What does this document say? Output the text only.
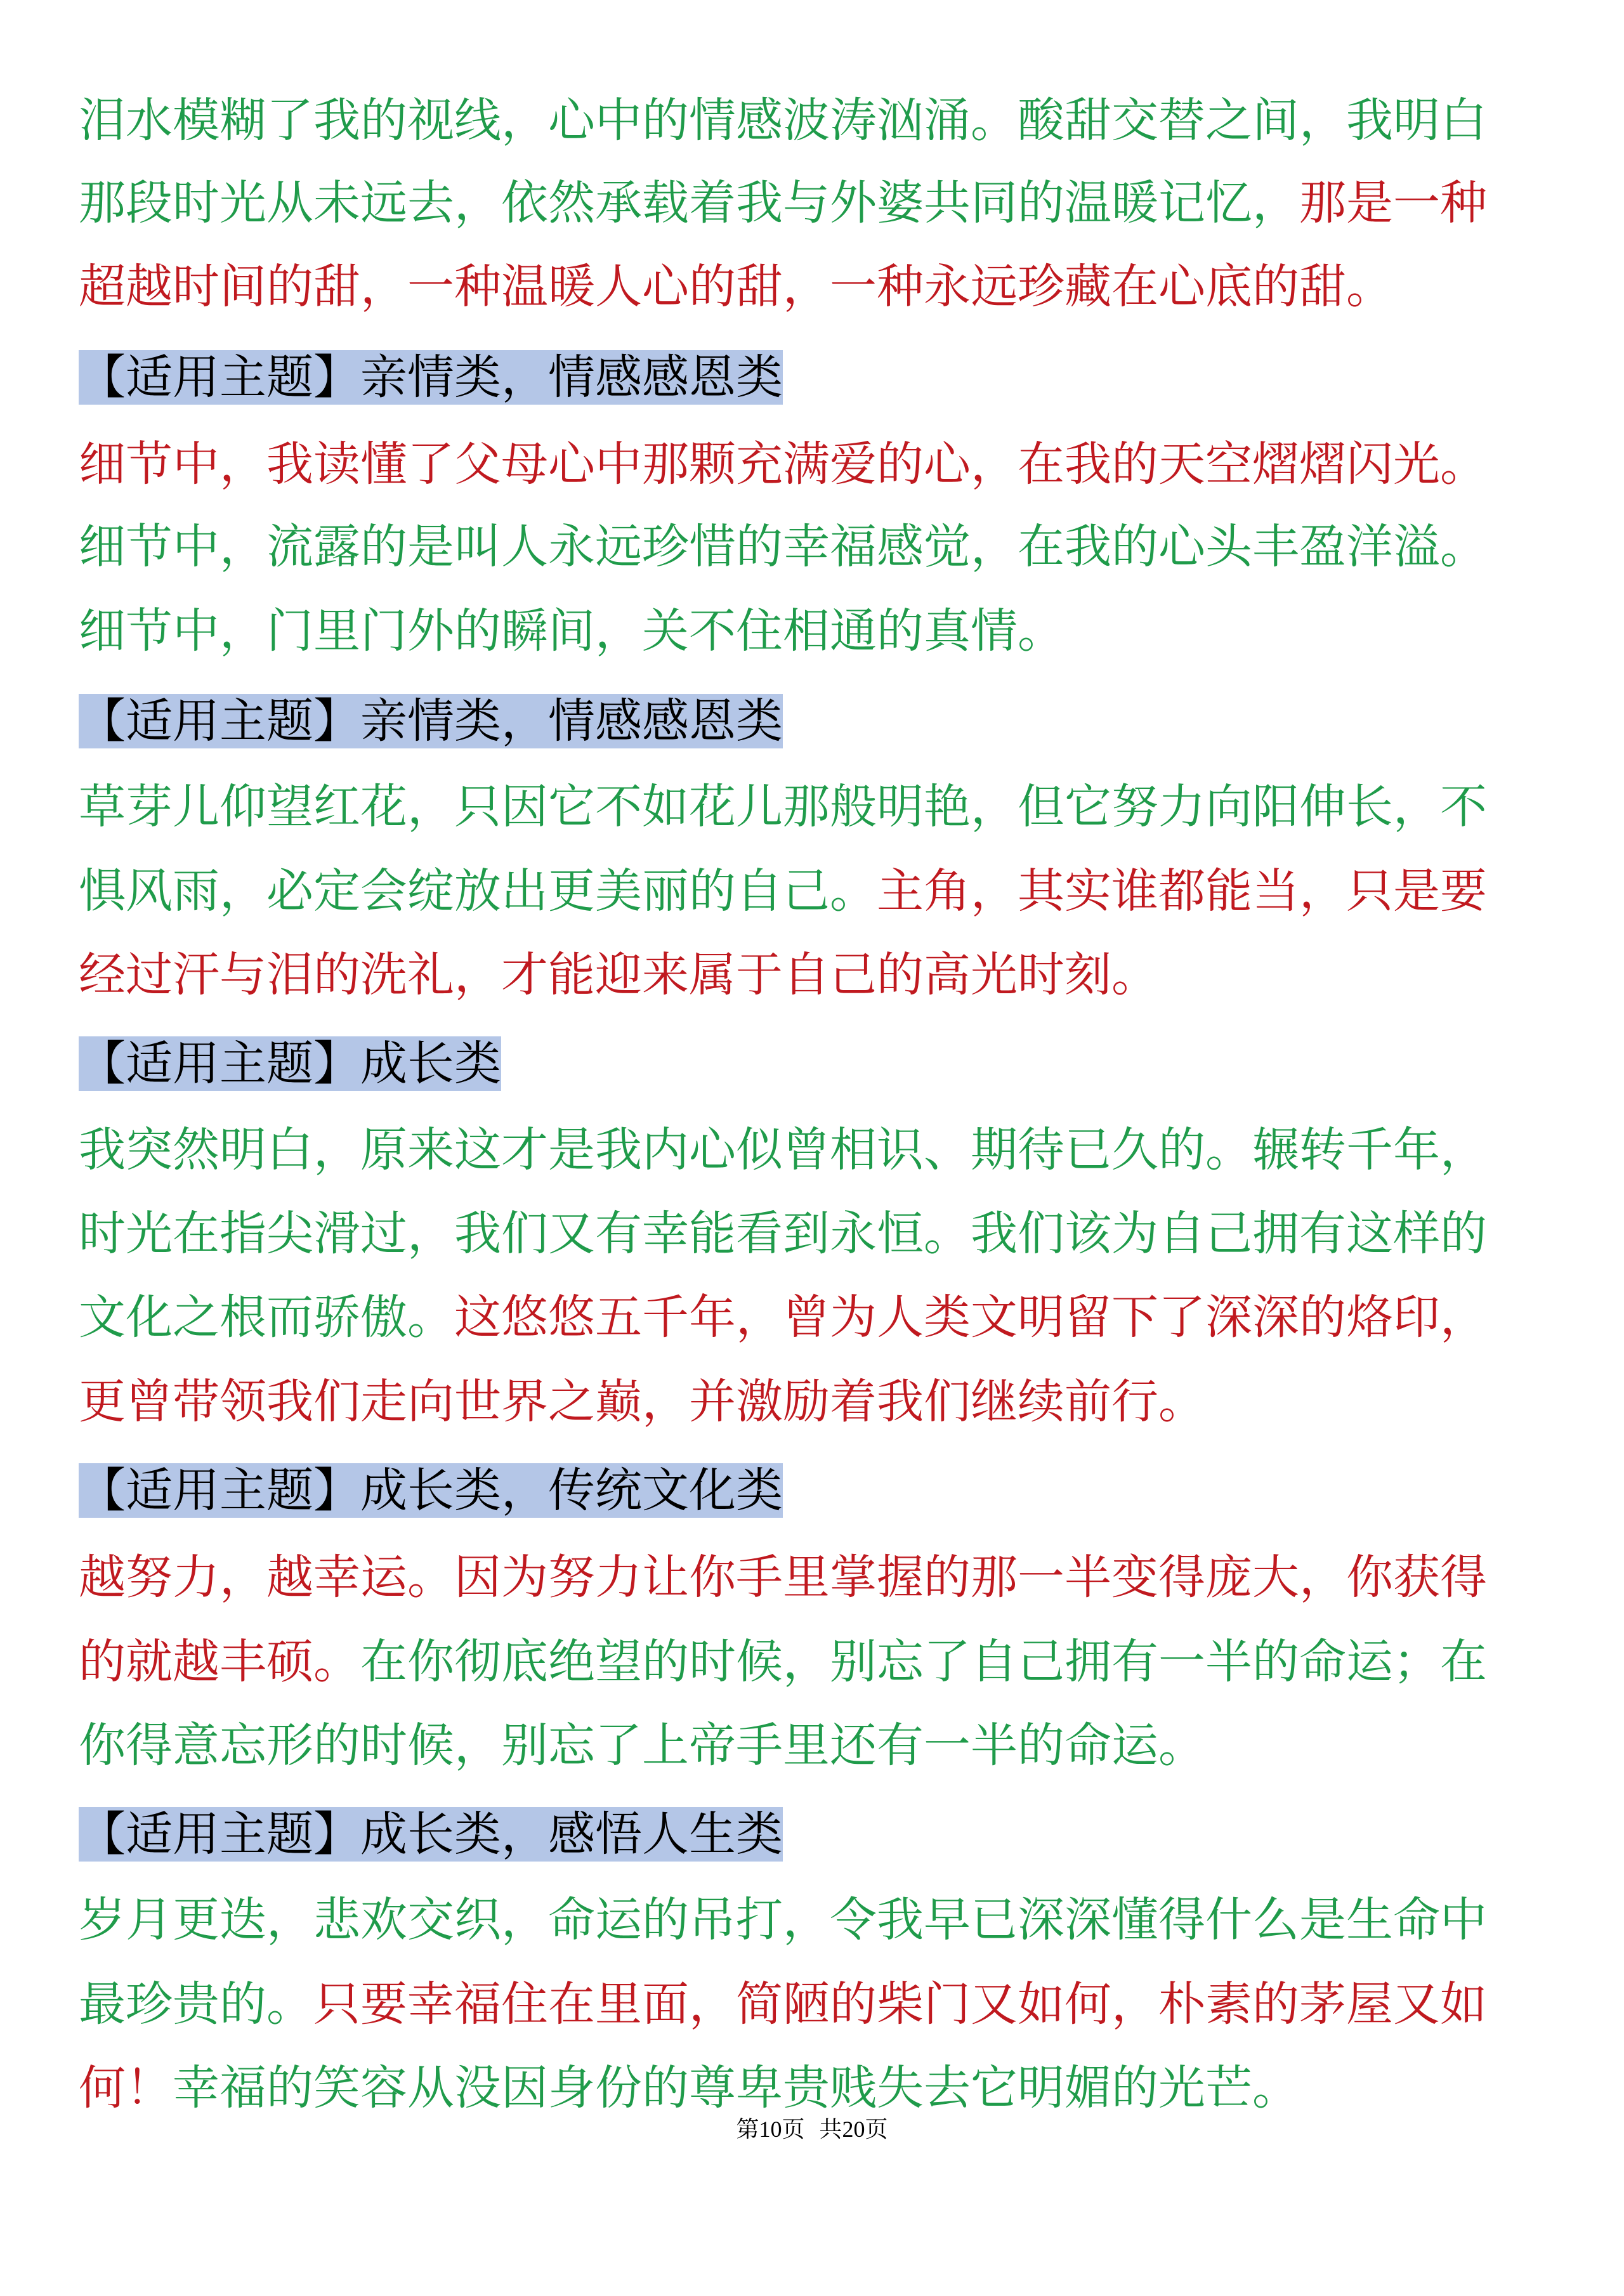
泪水模糊了我的视线，心中的情感波涛汹涌。酸甜交替之间，我明白
那段时光从未远去，依然承载着我与外婆共同的温暖记忆，那是一种
超越时间的甜，一种温暖人心的甜，一种永远珍藏在心底的甜。
【适用主题】亲情类，情感感恩类
细节中，我读懂了父母心中那颗充满爱的心，在我的天空熠熠闪光。
细节中，流露的是叫人永远珍惜的幸福感觉，在我的心头丰盈洋溢。
细节中，门里门外的瞬间，关不住相通的真情。
【适用主题】亲情类，情感感恩类
草芽儿仰望红花，只因它不如花儿那般明艳，但它努力向阳伸长，不
惧风雨，必定会绽放出更美丽的自己。主角，其实谁都能当，只是要
经过汗与泪的洗礼，才能迎来属于自己的高光时刻。
【适用主题】成长类
我突然明白，原来这才是我内心似曾相识、期待已久的。辗转千年，
时光在指尖滑过，我们又有幸能看到永恒。我们该为自己拥有这样的
文化之根而骄傲。这悠悠五千年，曾为人类文明留下了深深的烙印，
更曾带领我们走向世界之巅，并激励着我们继续前行。
【适用主题】成长类，传统文化类
越努力，越幸运。因为努力让你手里掌握的那一半变得庞大，你获得
的就越丰硕。在你彻底绝望的时候，别忘了自己拥有一半的命运；在
你得意忘形的时候，别忘了上帝手里还有一半的命运。
【适用主题】成长类，感悟人生类
岁月更迭，悲欢交织，命运的吊打，令我早已深深懂得什么是生命中
最珍贵的。只要幸福住在里面，简陋的柴门又如何，朴素的茅屋又如
何！幸福的笑容从没因身份的尊卑贵贱失去它明媚的光芒。
第10页  共20页
